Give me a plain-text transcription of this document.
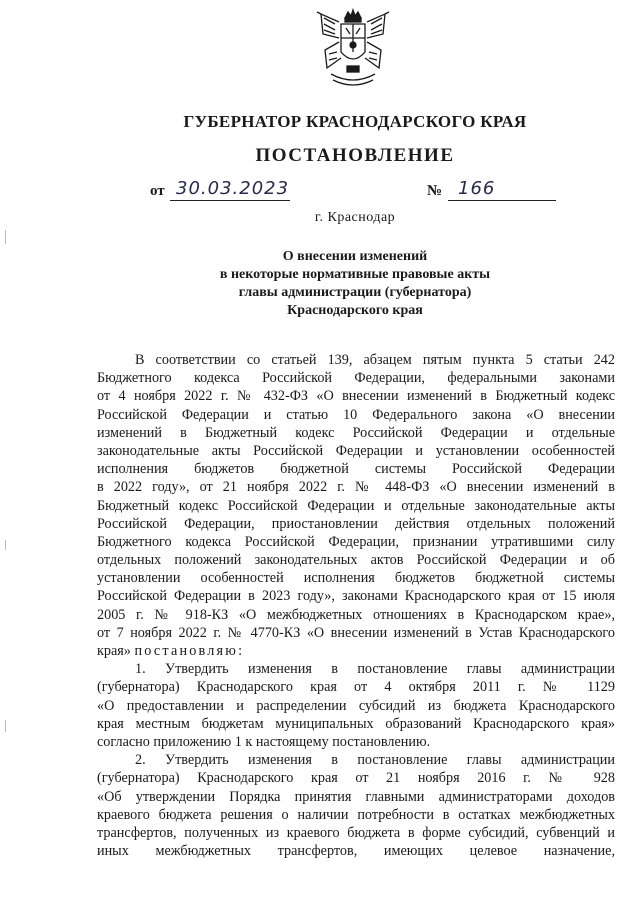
ГУБЕРНАТОР КРАСНОДАРСКОГО КРАЯ
ПОСТАНОВЛЕНИЕ
от 30.03.2023	№ 166
г. Краснодар
О внесении изменений
в некоторые нормативные правовые акты
главы администрации (губернатора)
Краснодарского края
В соответствии со статьей 139, абзацем пятым пункта 5 статьи 242
Бюджетного кодекса Российской Федерации, федеральными законами
от 4 ноября 2022 г. № 432-ФЗ «О внесении изменений в Бюджетный кодекс
Российской Федерации и статью 10 Федерального закона «О внесении
изменений в Бюджетный кодекс Российской Федерации и отдельные
законодательные акты Российской Федерации и установлении особенностей
исполнения бюджетов бюджетной системы Российской Федерации
в 2022 году», от 21 ноября 2022 г. № 448-ФЗ «О внесении изменений в
Бюджетный кодекс Российской Федерации и отдельные законодательные акты
Российской Федерации, приостановлении действия отдельных положений
Бюджетного кодекса Российской Федерации, признании утратившими силу
отдельных положений законодательных актов Российской Федерации и об
установлении особенностей исполнения бюджетов бюджетной системы
Российской Федерации в 2023 году», законами Краснодарского края от 15 июля
2005 г. № 918-КЗ «О межбюджетных отношениях в Краснодарском крае»,
от 7 ноября 2022 г. № 4770-КЗ «О внесении изменений в Устав Краснодарского
края» постановляю:
1. Утвердить изменения в постановление главы администрации
(губернатора) Краснодарского края от 4 октября 2011 г. № 1129
«О предоставлении и распределении субсидий из бюджета Краснодарского
края местным бюджетам муниципальных образований Краснодарского края»
согласно приложению 1 к настоящему постановлению.
2. Утвердить изменения в постановление главы администрации
(губернатора) Краснодарского края от 21 ноября 2016 г. № 928
«Об утверждении Порядка принятия главными администраторами доходов
краевого бюджета решения о наличии потребности в остатках межбюджетных
трансфертов, полученных из краевого бюджета в форме субсидий, субвенций и
иных межбюджетных трансфертов, имеющих целевое назначение,
